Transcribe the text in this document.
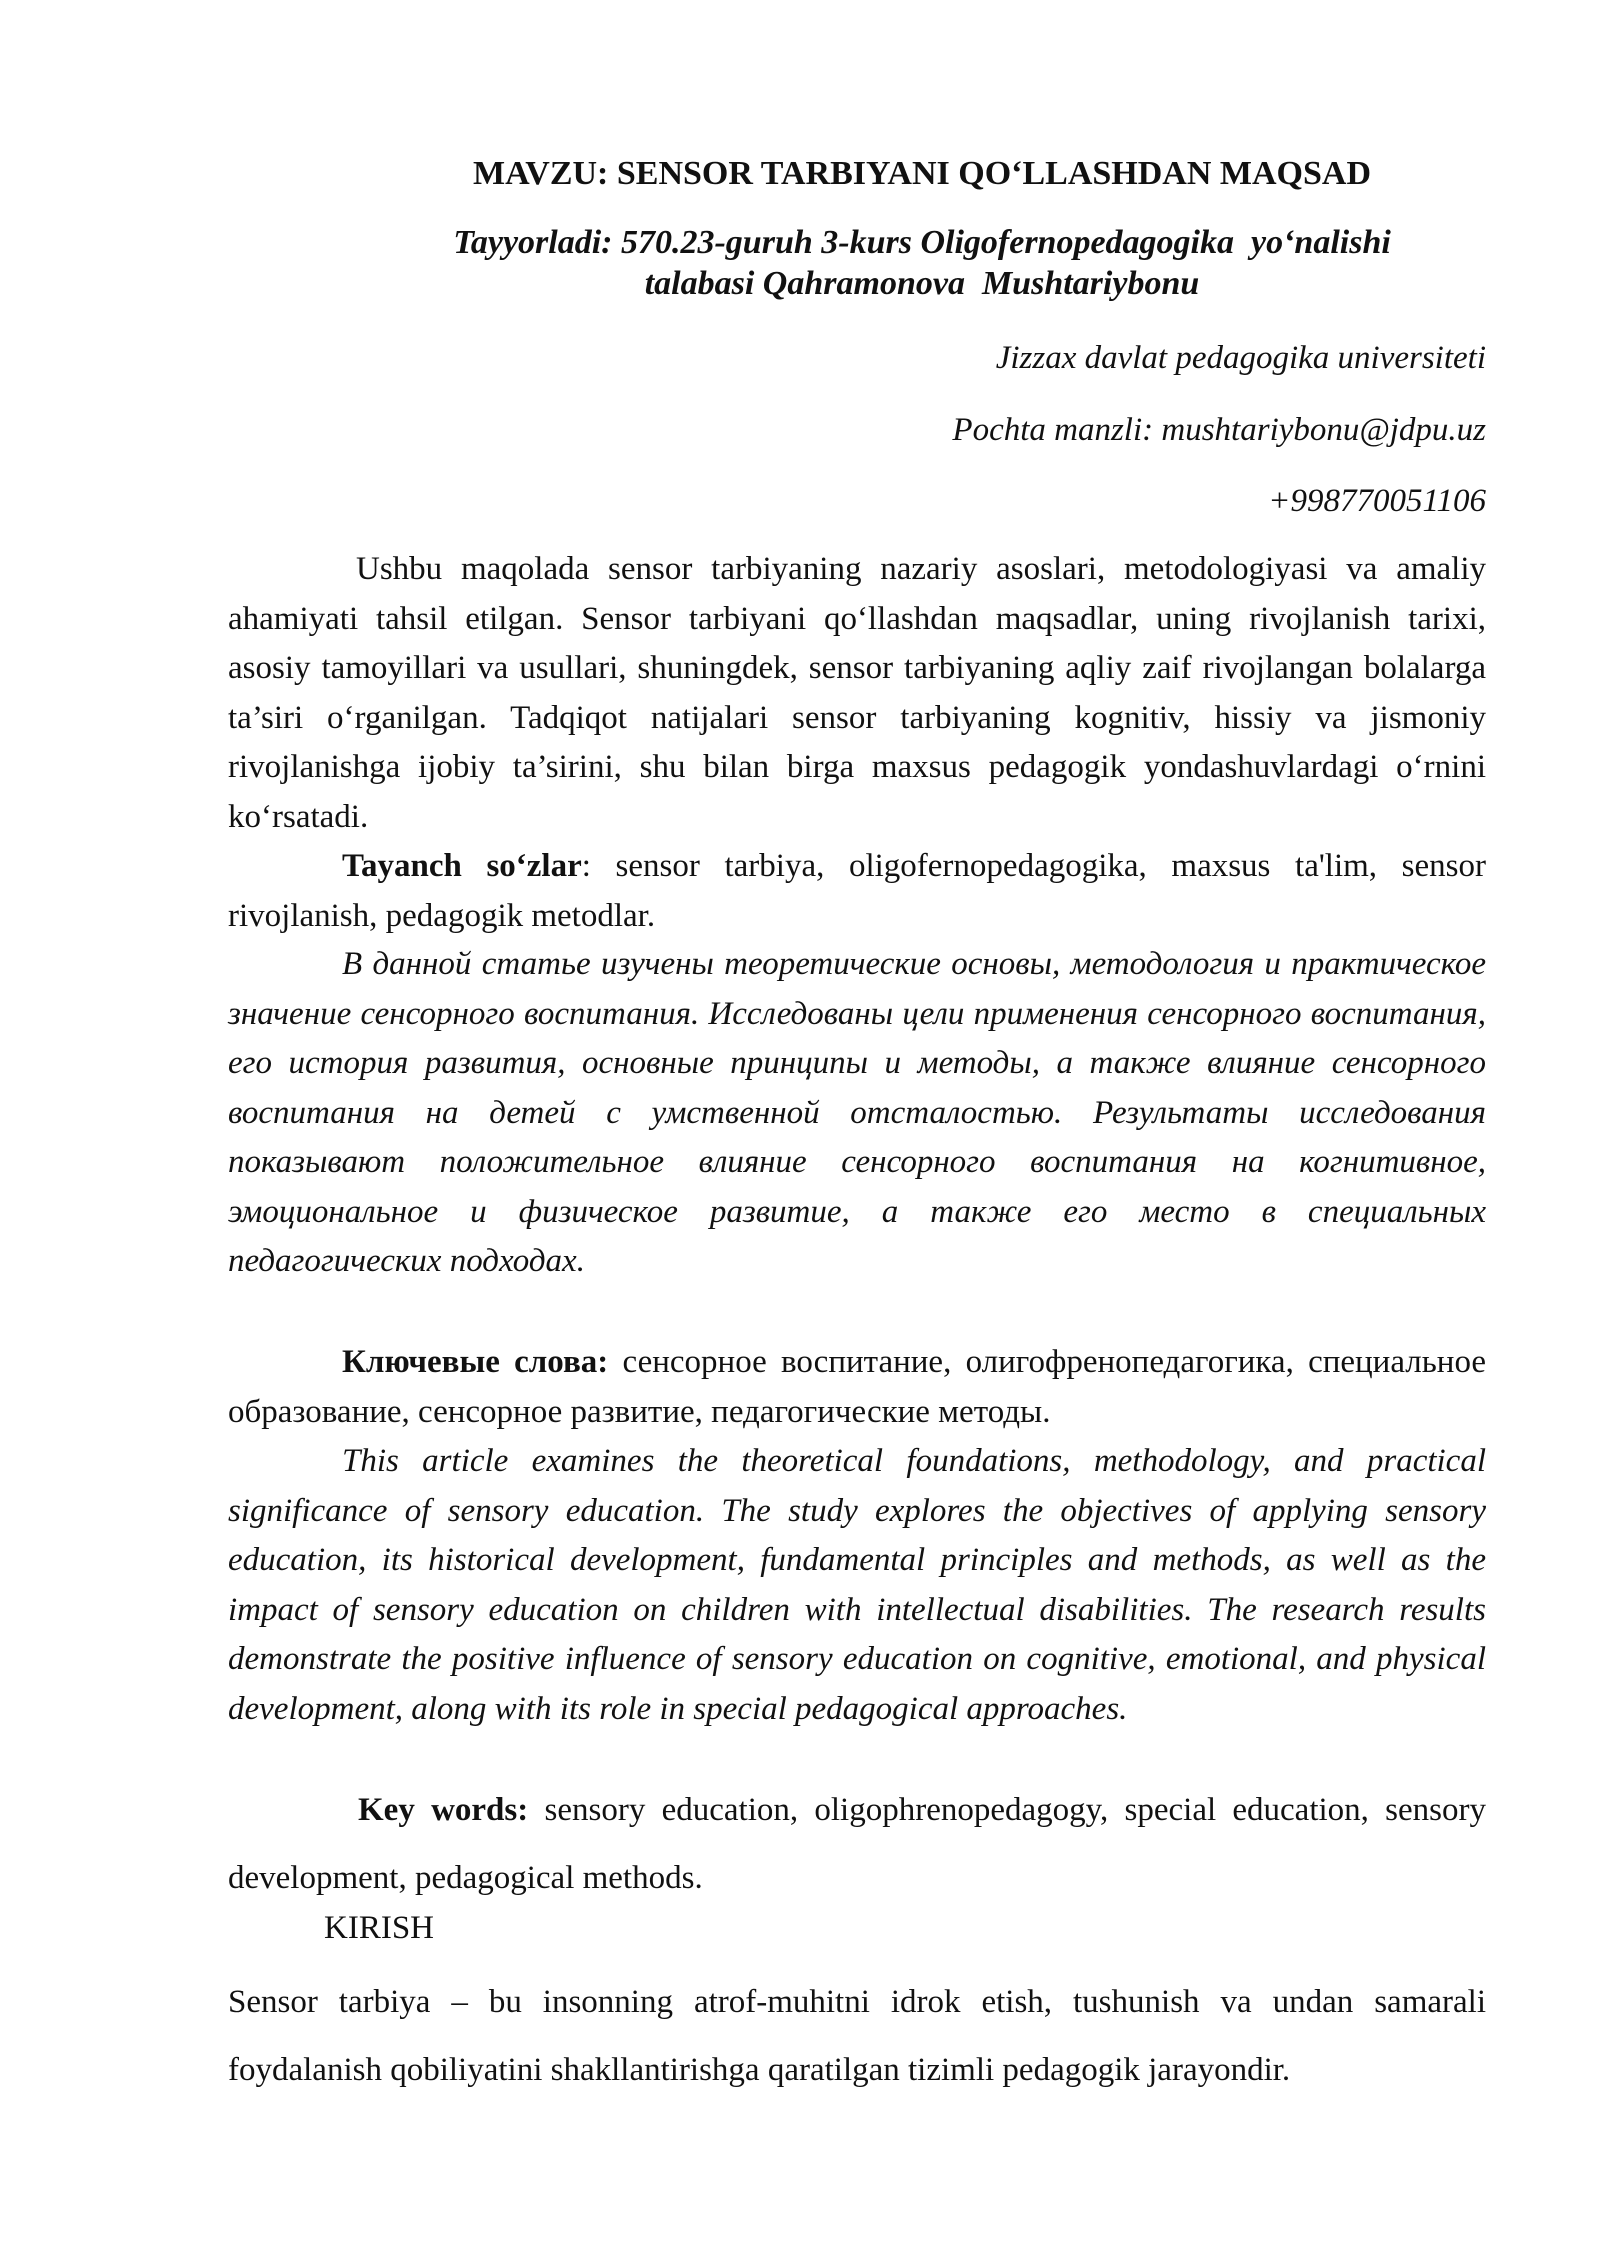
MAVZU: SENSOR TARBIYANI QO‘LLASHDAN MAQSAD
Tayyorladi: 570.23-guruh 3-kurs Oligofernopedagogika  yo‘nalishi
talabasi Qahramonova  Mushtariybonu

Jizzax davlat pedagogika universiteti

Pochta manzli: mushtariybonu@jdpu.uz

+998770051106

Ushbu maqolada sensor tarbiyaning nazariy asoslari, metodologiyasi va amaliy ahamiyati tahsil etilgan. Sensor tarbiyani qo‘llashdan maqsadlar, uning rivojlanish tarixi, asosiy tamoyillari va usullari, shuningdek, sensor tarbiyaning aqliy zaif rivojlangan bolalarga ta’siri o‘rganilgan. Tadqiqot natijalari sensor tarbiyaning kognitiv, hissiy va jismoniy rivojlanishga ijobiy ta’sirini, shu bilan birga maxsus pedagogik yondashuvlardagi o‘rnini ko‘rsatadi.

Tayanch so‘zlar: sensor tarbiya, oligofernopedagogika, maxsus ta'lim, sensor rivojlanish, pedagogik metodlar.

В данной статье изучены теоретические основы, методология и практическое значение сенсорного воспитания. Исследованы цели применения сенсорного воспитания, его история развития, основные принципы и методы, а также влияние сенсорного воспитания на детей с умственной отсталостью. Результаты исследования показывают положительное влияние сенсорного воспитания на когнитивное, эмоциональное и физическое развитие, а также его место в специальных педагогических подходах.

Ключевые слова: сенсорное воспитание, олигофренопедагогика, специальное образование, сенсорное развитие, педагогические методы.

This article examines the theoretical foundations, methodology, and practical significance of sensory education. The study explores the objectives of applying sensory education, its historical development, fundamental principles and methods, as well as the impact of sensory education on children with intellectual disabilities. The research results demonstrate the positive influence of sensory education on cognitive, emotional, and physical development, along with its role in special pedagogical approaches.

Key words: sensory education, oligophrenopedagogy, special education, sensory development, pedagogical methods.

KIRISH

Sensor tarbiya – bu insonning atrof-muhitni idrok etish, tushunish va undan samarali foydalanish qobiliyatini shakllantirishga qaratilgan tizimli pedagogik jarayondir.
